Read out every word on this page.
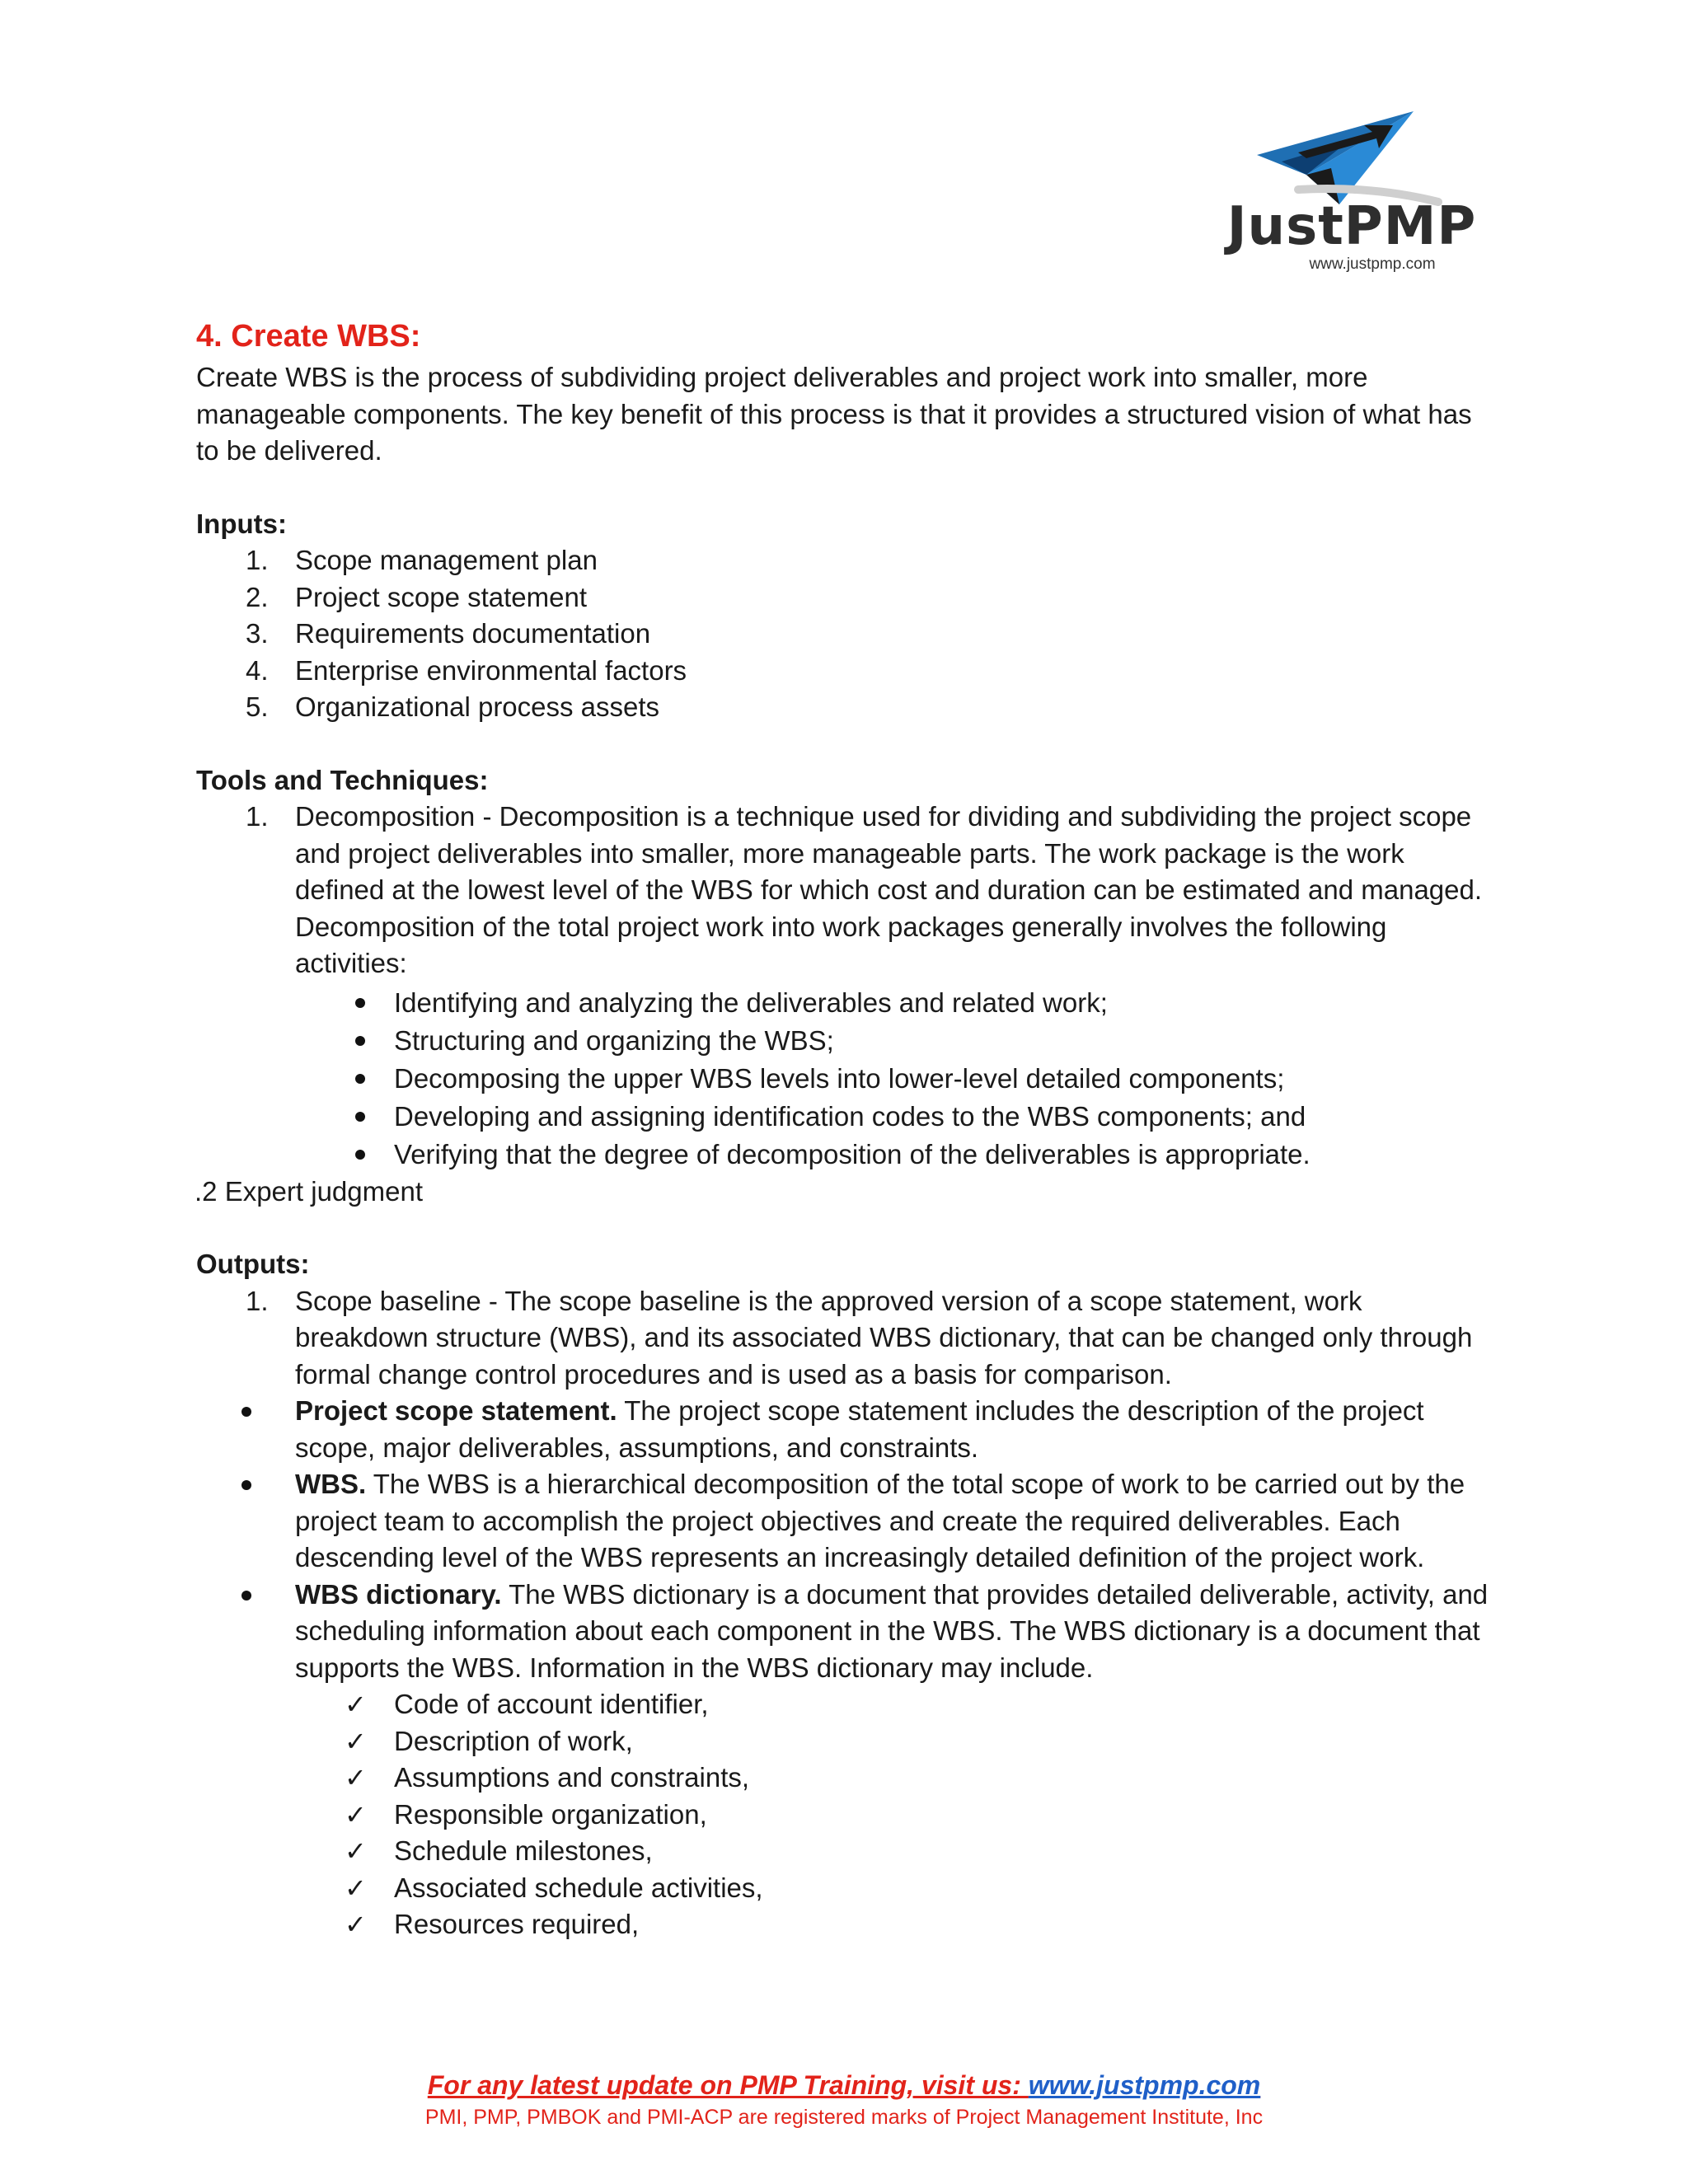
JustPMP
www.justpmp.com
4. Create WBS:

Create WBS is the process of subdividing project deliverables and project work into smaller, more manageable components. The key benefit of this process is that it provides a structured vision of what has to be delivered.

Inputs:

1. Scope management plan
2. Project scope statement
3. Requirements documentation
4. Enterprise environmental factors
5. Organizational process assets

Tools and Techniques:

1. Decomposition - Decomposition is a technique used for dividing and subdividing the project scope and project deliverables into smaller, more manageable parts. The work package is the work defined at the lowest level of the WBS for which cost and duration can be estimated and managed. Decomposition of the total project work into work packages generally involves the following activities:
Identifying and analyzing the deliverables and related work;
Structuring and organizing the WBS;
Decomposing the upper WBS levels into lower-level detailed components;
Developing and assigning identification codes to the WBS components; and
Verifying that the degree of decomposition of the deliverables is appropriate.

.2 Expert judgment

Outputs:

1. Scope baseline - The scope baseline is the approved version of a scope statement, work breakdown structure (WBS), and its associated WBS dictionary, that can be changed only through formal change control procedures and is used as a basis for comparison.
Project scope statement. The project scope statement includes the description of the project scope, major deliverables, assumptions, and constraints.
WBS. The WBS is a hierarchical decomposition of the total scope of work to be carried out by the project team to accomplish the project objectives and create the required deliverables. Each descending level of the WBS represents an increasingly detailed definition of the project work.
WBS dictionary. The WBS dictionary is a document that provides detailed deliverable, activity, and scheduling information about each component in the WBS. The WBS dictionary is a document that supports the WBS. Information in the WBS dictionary may include.
✓ Code of account identifier,
✓ Description of work,
✓ Assumptions and constraints,
✓ Responsible organization,
✓ Schedule milestones,
✓ Associated schedule activities,
✓ Resources required,
For any latest update on PMP Training, visit us: www.justpmp.com
PMI, PMP, PMBOK and PMI-ACP are registered marks of Project Management Institute, Inc
